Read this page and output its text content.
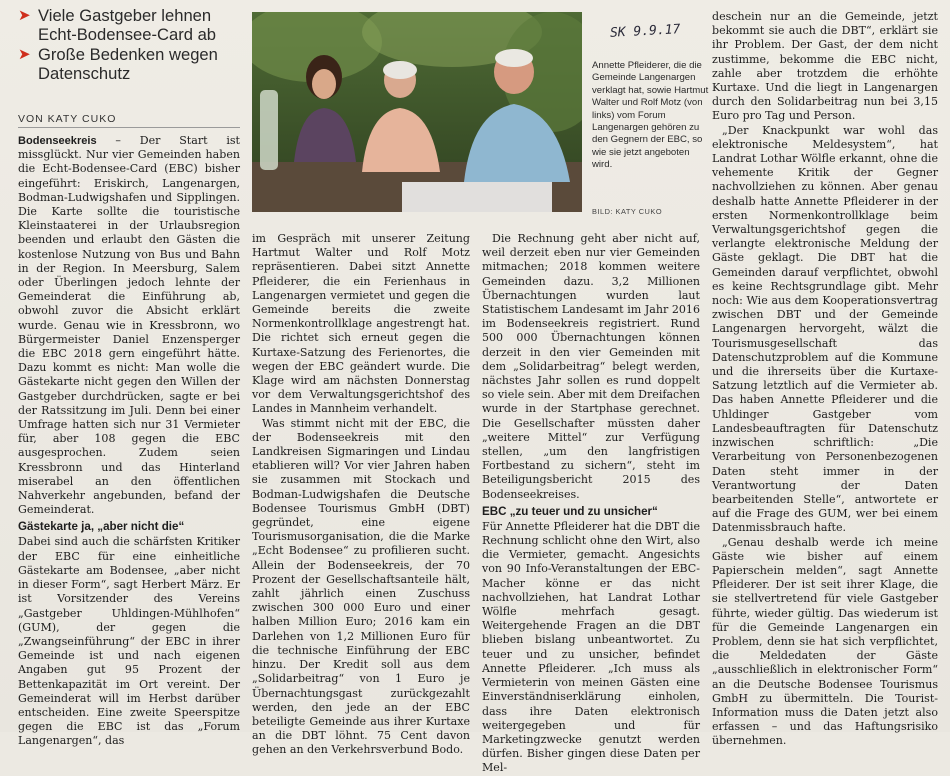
➤ Viele Gastgeber lehnen Echt-Bodensee-Card ab
➤ Große Bedenken wegen Datenschutz
VON KATY CUKO

Bodenseekreis – Der Start ist missglückt. Nur vier Gemeinden haben die Echt-Bodensee-Card (EBC) bisher eingeführt: Eriskirch, Langenargen, Bodman-Ludwigshafen und Sipplingen. Die Karte sollte die touristische Kleinstaaterei in der Urlaubsregion beenden und erlaubt den Gästen die kostenlose Nutzung von Bus und Bahn in der Region. In Meersburg, Salem oder Überlingen jedoch lehnte der Gemeinderat die Einführung ab, obwohl zuvor die Absicht erklärt wurde. Genau wie in Kressbronn, wo Bürgermeister Daniel Enzensperger die EBC 2018 gern eingeführt hätte. Dazu kommt es nicht: Man wolle die Gästekarte nicht gegen den Willen der Gastgeber durchdrücken, sagte er bei der Ratssitzung im Juli. Denn bei einer Umfrage hatten sich nur 31 Vermieter für, aber 108 gegen die EBC ausgesprochen. Zudem seien Kressbronn und das Hinterland miserabel an den öffentlichen Nahverkehr angebunden, befand der Gemeinderat.

Gästekarte ja, „aber nicht die“

Dabei sind auch die schärfsten Kritiker der EBC für eine einheitliche Gästekarte am Bodensee, „aber nicht in dieser Form“, sagt Herbert März. Er ist Vorsitzender des Vereins „Gastgeber Uhldingen-Mühlhofen“ (GUM), der gegen die „Zwangseinführung“ der EBC in ihrer Gemeinde ist und nach eigenen Angaben gut 95 Prozent der Bettenkapazität im Ort vereint. Der Gemeinderat will im Herbst darüber entscheiden. Eine zweite Speerspitze gegen die EBC ist das „Forum Langenargen“, das

SK 9.9.17
Annette Pfleiderer, die die Gemeinde Langenargen verklagt hat, sowie Hartmut Walter und Rolf Motz (von links) vom Forum Langenargen gehören zu den Gegnern der EBC, so wie sie jetzt angeboten wird.
BILD: KATY CUKO

im Gespräch mit unserer Zeitung Hartmut Walter und Rolf Motz repräsentieren. Dabei sitzt Annette Pfleiderer, die ein Ferienhaus in Langenargen vermietet und gegen die Gemeinde bereits die zweite Normenkontrollklage angestrengt hat. Die richtet sich erneut gegen die Kurtaxe-Satzung des Ferienortes, die wegen der EBC geändert wurde. Die Klage wird am nächsten Donnerstag vor dem Verwaltungsgerichtshof des Landes in Mannheim verhandelt.

Was stimmt nicht mit der EBC, die der Bodenseekreis mit den Landkreisen Sigmaringen und Lindau etablieren will? Vor vier Jahren haben sie zusammen mit Stockach und Bodman-Ludwigshafen die Deutsche Bodensee Tourismus GmbH (DBT) gegründet, eine eigene Tourismusorganisation, die die Marke „Echt Bodensee“ zu profilieren sucht. Allein der Bodenseekreis, der 70 Prozent der Gesellschaftsanteile hält, zahlt jährlich einen Zuschuss zwischen 300 000 Euro und einer halben Million Euro; 2016 kam ein Darlehen von 1,2 Millionen Euro für die technische Einführung der EBC hinzu. Der Kredit soll aus dem „Solidarbeitrag“ von 1 Euro je Übernachtungsgast zurückgezahlt werden, den jede an der EBC beteiligte Gemeinde aus ihrer Kurtaxe an die DBT löhnt. 75 Cent davon gehen an den Verkehrsverbund Bodo.

Die Rechnung geht aber nicht auf, weil derzeit eben nur vier Gemeinden mitmachen; 2018 kommen weitere Gemeinden dazu. 3,2 Millionen Übernachtungen wurden laut Statistischem Landesamt im Jahr 2016 im Bodenseekreis registriert. Rund 500 000 Übernachtungen können derzeit in den vier Gemeinden mit dem „Solidarbeitrag“ belegt werden, nächstes Jahr sollen es rund doppelt so viele sein. Aber mit dem Dreifachen wurde in der Startphase gerechnet. Die Gesellschafter müssten daher „weitere Mittel“ zur Verfügung stellen, „um den langfristigen Fortbestand zu sichern“, steht im Beteiligungsbericht 2015 des Bodenseekreises.

EBC „zu teuer und zu unsicher“

Für Annette Pfleiderer hat die DBT die Rechnung schlicht ohne den Wirt, also die Vermieter, gemacht. Angesichts von 90 Info-Veranstaltungen der EBC-Macher könne er das nicht nachvollziehen, hat Landrat Lothar Wölfle mehrfach gesagt. Weitergehende Fragen an die DBT blieben bislang unbeantwortet. Zu teuer und zu unsicher, befindet Annette Pfleiderer. „Ich muss als Vermieterin von meinen Gästen eine Einverständniserklärung einholen, dass ihre Daten elektronisch weitergegeben und für Marketingzwecke genutzt werden dürfen. Bisher gingen diese Daten per Mel-

deschein nur an die Gemeinde, jetzt bekommt sie auch die DBT“, erklärt sie ihr Problem. Der Gast, der dem nicht zustimme, bekomme die EBC nicht, zahle aber trotzdem die erhöhte Kurtaxe. Und die liegt in Langenargen durch den Solidarbeitrag nun bei 3,15 Euro pro Tag und Person.

„Der Knackpunkt war wohl das elektronische Meldesystem“, hat Landrat Lothar Wölfle erkannt, ohne die vehemente Kritik der Gegner nachvollziehen zu können. Aber genau deshalb hatte Annette Pfleiderer in der ersten Normenkontrollklage beim Verwaltungsgerichtshof gegen die verlangte elektronische Meldung der Gäste geklagt. Die DBT hat die Gemeinden darauf verpflichtet, obwohl es keine Rechtsgrundlage gibt. Mehr noch: Wie aus dem Kooperationsvertrag zwischen DBT und der Gemeinde Langenargen hervorgeht, wälzt die Tourismusgesellschaft das Datenschutzproblem auf die Kommune und die ihrerseits über die Kurtaxe-Satzung letztlich auf die Vermieter ab. Das haben Annette Pfleiderer und die Uhldinger Gastgeber vom Landesbeauftragten für Datenschutz inzwischen schriftlich: „Die Verarbeitung von Personenbezogenen Daten steht immer in der Verantwortung der Daten bearbeitenden Stelle“, antwortete er auf die Frage des GUM, wer bei einem Datenmissbrauch hafte.

„Genau deshalb werde ich meine Gäste wie bisher auf einem Papierschein melden“, sagt Annette Pfleiderer. Der ist seit ihrer Klage, die sie stellvertretend für viele Gastgeber führte, wieder gültig. Das wiederum ist für die Gemeinde Langenargen ein Problem, denn sie hat sich verpflichtet, die Meldedaten der Gäste „ausschließlich in elektronischer Form“ an die Deutsche Bodensee Tourismus GmbH zu übermitteln. Die Tourist-Information muss die Daten jetzt also erfassen – und das Haftungsrisiko übernehmen.
